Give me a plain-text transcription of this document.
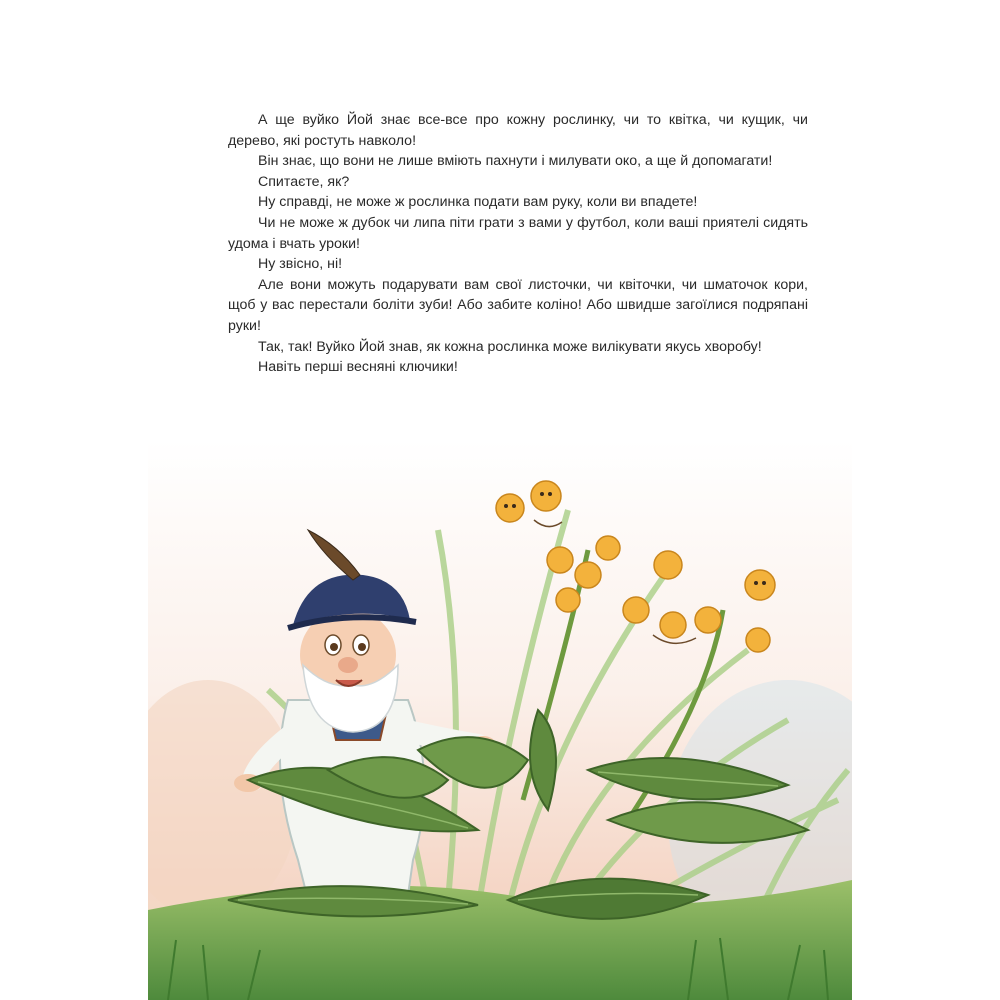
А ще вуйко Йой знає все-все про кожну рослинку, чи то квітка, чи кущик, чи дерево, які ростуть навколо!

Він знає, що вони не лише вміють пахнути і милувати око, а ще й допомагати!

Спитаєте, як?

Ну справді, не може ж рослинка подати вам руку, коли ви впадете!

Чи не може ж дубок чи липа піти грати з вами у футбол, коли ваші приятелі сидять удома і вчать уроки!

Ну звісно, ні!

Але вони можуть подарувати вам свої листочки, чи квіточки, чи шматочок кори, щоб у вас перестали боліти зуби! Або забите коліно! Або швидше загоїлися подряпані руки!

Так, так! Вуйко Йой знав, як кожна рослинка може вилікувати якусь хворобу!

Навіть перші весняні ключики!
